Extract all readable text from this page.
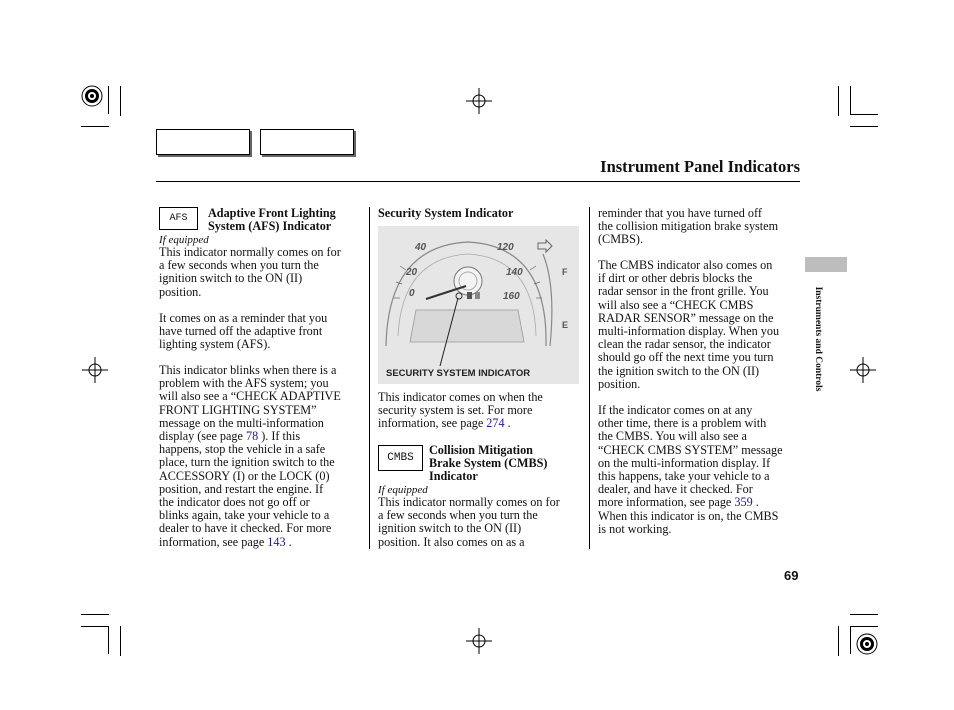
Instrument Panel Indicators
Instruments and Controls
AFS	Adaptive Front Lighting
System (AFS) Indicator
If equipped
This indicator normally comes on for
a few seconds when you turn the
ignition switch to the ON (II)
position.
It comes on as a reminder that you
have turned off the adaptive front
lighting system (AFS).
This indicator blinks when there is a
problem with the AFS system; you
will also see a “CHECK ADAPTIVE
FRONT LIGHTING SYSTEM”
message on the multi-information
display (see page 78 ). If this
happens, stop the vehicle in a safe
place, turn the ignition switch to the
ACCESSORY (I) or the LOCK (0)
position, and restart the engine. If
the indicator does not go off or
blinks again, take your vehicle to a
dealer to have it checked. For more
information, see page 143 .
Security System Indicator
40
20
0
120
140
160
F
E
SECURITY SYSTEM INDICATOR
This indicator comes on when the
security system is set. For more
information, see page 274 .
CMBS
Collision Mitigation
Brake System (CMBS)
Indicator
If equipped
This indicator normally comes on for
a few seconds when you turn the
ignition switch to the ON (II)
position. It also comes on as a
reminder that you have turned off
the collision mitigation brake system
(CMBS).
The CMBS indicator also comes on
if dirt or other debris blocks the
radar sensor in the front grille. You
will also see a “CHECK CMBS
RADAR SENSOR” message on the
multi-information display. When you
clean the radar sensor, the indicator
should go off the next time you turn
the ignition switch to the ON (II)
position.
If the indicator comes on at any
other time, there is a problem with
the CMBS. You will also see a
“CHECK CMBS SYSTEM” message
on the multi-information display. If
this happens, take your vehicle to a
dealer, and have it checked. For
more information, see page 359 .
When this indicator is on, the CMBS
is not working.
69
